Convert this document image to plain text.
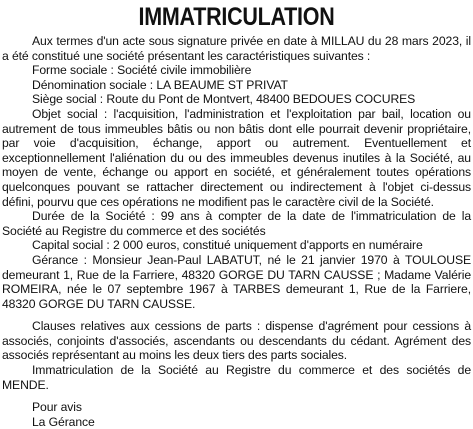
IMMATRICULATION

Aux termes d'un acte sous signature privée en date à MILLAU du 28 mars 2023, il a été constitué une société présentant les caractéristiques suivantes :

Forme sociale : Société civile immobilière

Dénomination sociale : LA BEAUME ST PRIVAT

Siège social : Route du Pont de Montvert, 48400 BEDOUES COCURES

Objet social : l'acquisition, l'administration et l'exploitation par bail, location ou autrement de tous immeubles bâtis ou non bâtis dont elle pourrait devenir propriétaire, par voie d'acquisition, échange, apport ou autrement. Eventuellement et exceptionnellement l'aliénation du ou des immeubles devenus inutiles à la Société, au moyen de vente, échange ou apport en société, et généralement toutes opérations quelconques pouvant se rattacher directement ou indirectement à l'objet ci-dessus défini, pourvu que ces opérations ne modifient pas le caractère civil de la Société.

Durée de la Société : 99 ans à compter de la date de l'immatriculation de la Société au Registre du commerce et des sociétés

Capital social : 2 000 euros, constitué uniquement d'apports en numéraire

Gérance : Monsieur Jean-Paul LABATUT, né le 21 janvier 1970 à TOULOUSE demeurant 1, Rue de la Farriere, 48320 GORGE DU TARN CAUSSE ; Madame Valérie ROMEIRA, née le 07 septembre 1967 à TARBES demeurant 1, Rue de la Farriere, 48320 GORGE DU TARN CAUSSE.

Clauses relatives aux cessions de parts : dispense d'agrément pour cessions à associés, conjoints d'associés, ascendants ou descendants du cédant. Agrément des associés représentant au moins les deux tiers des parts sociales.

Immatriculation de la Société au Registre du commerce et des sociétés de MENDE.

Pour avis
La Gérance
